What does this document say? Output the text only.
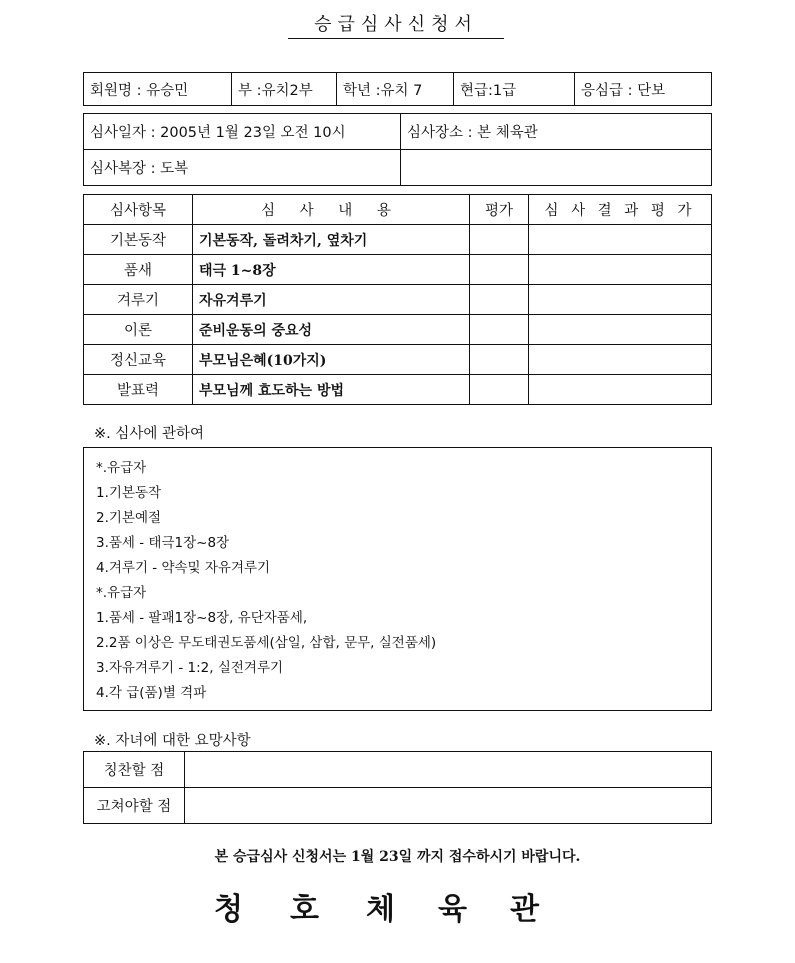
승급심사신청서
회원명 : 유승민	부 :유치2부	학년 :유치 7	현급:1급	응심급 : 단보
심사일자 : 2005년 1월 23일 오전 10시	심사장소 : 본 체육관
심사복장 : 도복	
심사항목	심 사 내 용	평가	심 사 결 과 평 가
기본동작	기본동작, 돌려차기, 옆차기		
품새	태극 1~8장		
겨루기	자유겨루기		
이론	준비운동의 중요성		
정신교육	부모님은혜(10가지)		
발표력	부모님께 효도하는 방법		
※. 심사에 관하여
*.유급자
1.기본동작
2.기본예절
3.품세 - 태극1장~8장
4.겨루기 - 약속및 자유겨루기
*.유급자
1.품세 - 팔괘1장~8장, 유단자품세,
2.2품 이상은 무도태권도품세(삼일, 삼합, 문무, 실전품세)
3.자유겨루기 - 1:2, 실전겨루기
4.각 급(품)별 격파
※. 자녀에 대한 요망사항
칭찬할 점	
고쳐야할 점	
본 승급심사 신청서는 1월 23일 까지 접수하시기 바랍니다.
청 호 체 육 관
